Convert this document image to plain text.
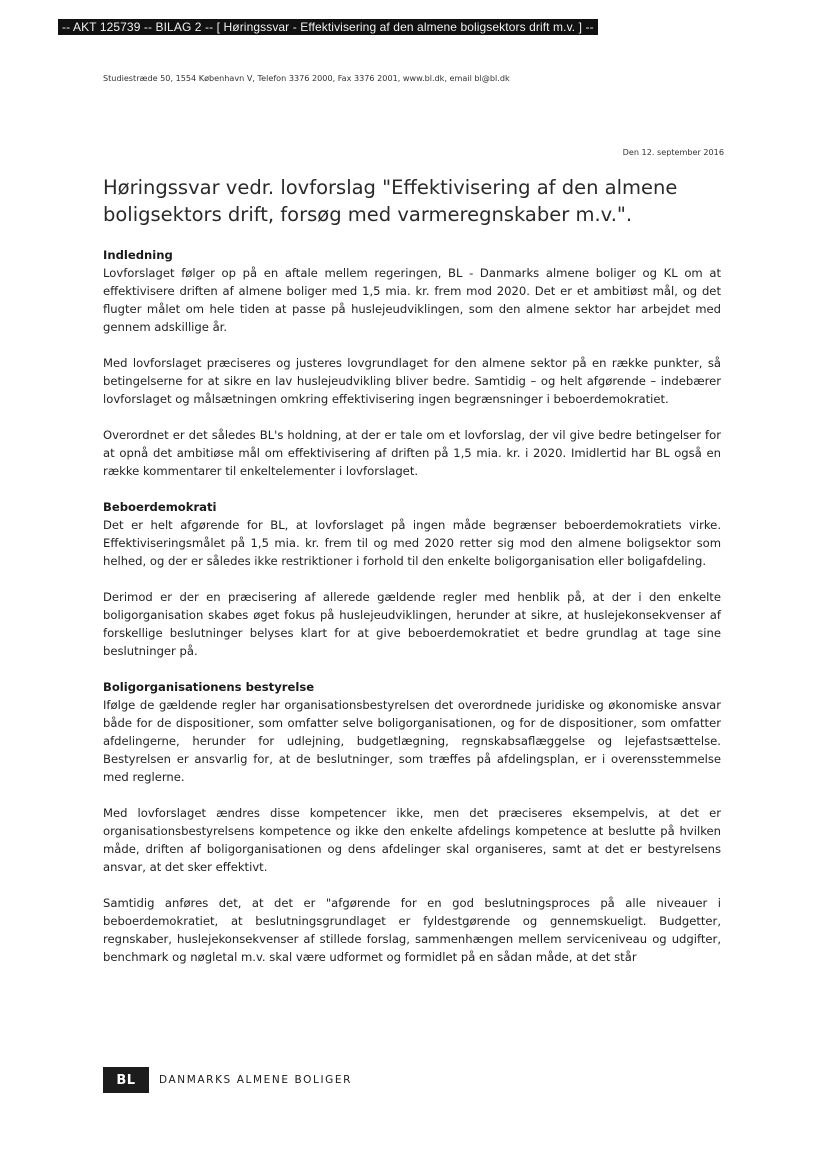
-- AKT 125739 -- BILAG 2 -- [ Høringssvar - Effektivisering af den almene boligsektors drift m.v. ] --
Studiestræde 50, 1554 København V, Telefon 3376 2000, Fax 3376 2001, www.bl.dk, email bl@bl.dk
Den 12. september 2016
Høringssvar vedr. lovforslag "Effektivisering af den almene boligsektors drift, forsøg med varmeregnskaber m.v.".
Indledning

Lovforslaget følger op på en aftale mellem regeringen, BL - Danmarks almene boliger og KL om at effektivisere driften af almene boliger med 1,5 mia. kr. frem mod 2020. Det er et ambitiøst mål, og det flugter målet om hele tiden at passe på huslejeudviklingen, som den almene sektor har arbejdet med gennem adskillige år.

Med lovforslaget præciseres og justeres lovgrundlaget for den almene sektor på en række punkter, så betingelserne for at sikre en lav huslejeudvikling bliver bedre. Samtidig – og helt afgørende – indebærer lovforslaget og målsætningen omkring effektivisering ingen begrænsninger i beboerdemokratiet.

Overordnet er det således BL's holdning, at der er tale om et lovforslag, der vil give bedre betingelser for at opnå det ambitiøse mål om effektivisering af driften på 1,5 mia. kr. i 2020. Imidlertid har BL også en række kommentarer til enkeltelementer i lovforslaget.

Beboerdemokrati

Det er helt afgørende for BL, at lovforslaget på ingen måde begrænser beboerdemokratiets virke. Effektiviseringsmålet på 1,5 mia. kr. frem til og med 2020 retter sig mod den almene boligsektor som helhed, og der er således ikke restriktioner i forhold til den enkelte boligorganisation eller boligafdeling.

Derimod er der en præcisering af allerede gældende regler med henblik på, at der i den enkelte boligorganisation skabes øget fokus på huslejeudviklingen, herunder at sikre, at huslejekonsekvenser af forskellige beslutninger belyses klart for at give beboerdemokratiet et bedre grundlag at tage sine beslutninger på.

Boligorganisationens bestyrelse

Ifølge de gældende regler har organisationsbestyrelsen det overordnede juridiske og økonomiske ansvar både for de dispositioner, som omfatter selve boligorganisationen, og for de dispositioner, som omfatter afdelingerne, herunder for udlejning, budgetlægning, regnskabsaflæggelse og lejefastsættelse. Bestyrelsen er ansvarlig for, at de beslutninger, som træffes på afdelingsplan, er i overensstemmelse med reglerne.

Med lovforslaget ændres disse kompetencer ikke, men det præciseres eksempelvis, at det er organisationsbestyrelsens kompetence og ikke den enkelte afdelings kompetence at beslutte på hvilken måde, driften af boligorganisationen og dens afdelinger skal organiseres, samt at det er bestyrelsens ansvar, at det sker effektivt.

Samtidig anføres det, at det er "afgørende for en god beslutningsproces på alle niveauer i beboerdemokratiet, at beslutningsgrundlaget er fyldestgørende og gennemskueligt. Budgetter, regnskaber, huslejekonsekvenser af stillede forslag, sammenhængen mellem serviceniveau og udgifter, benchmark og nøgletal m.v. skal være udformet og formidlet på en sådan måde, at det står

BL	DANMARKS ALMENE BOLIGER
